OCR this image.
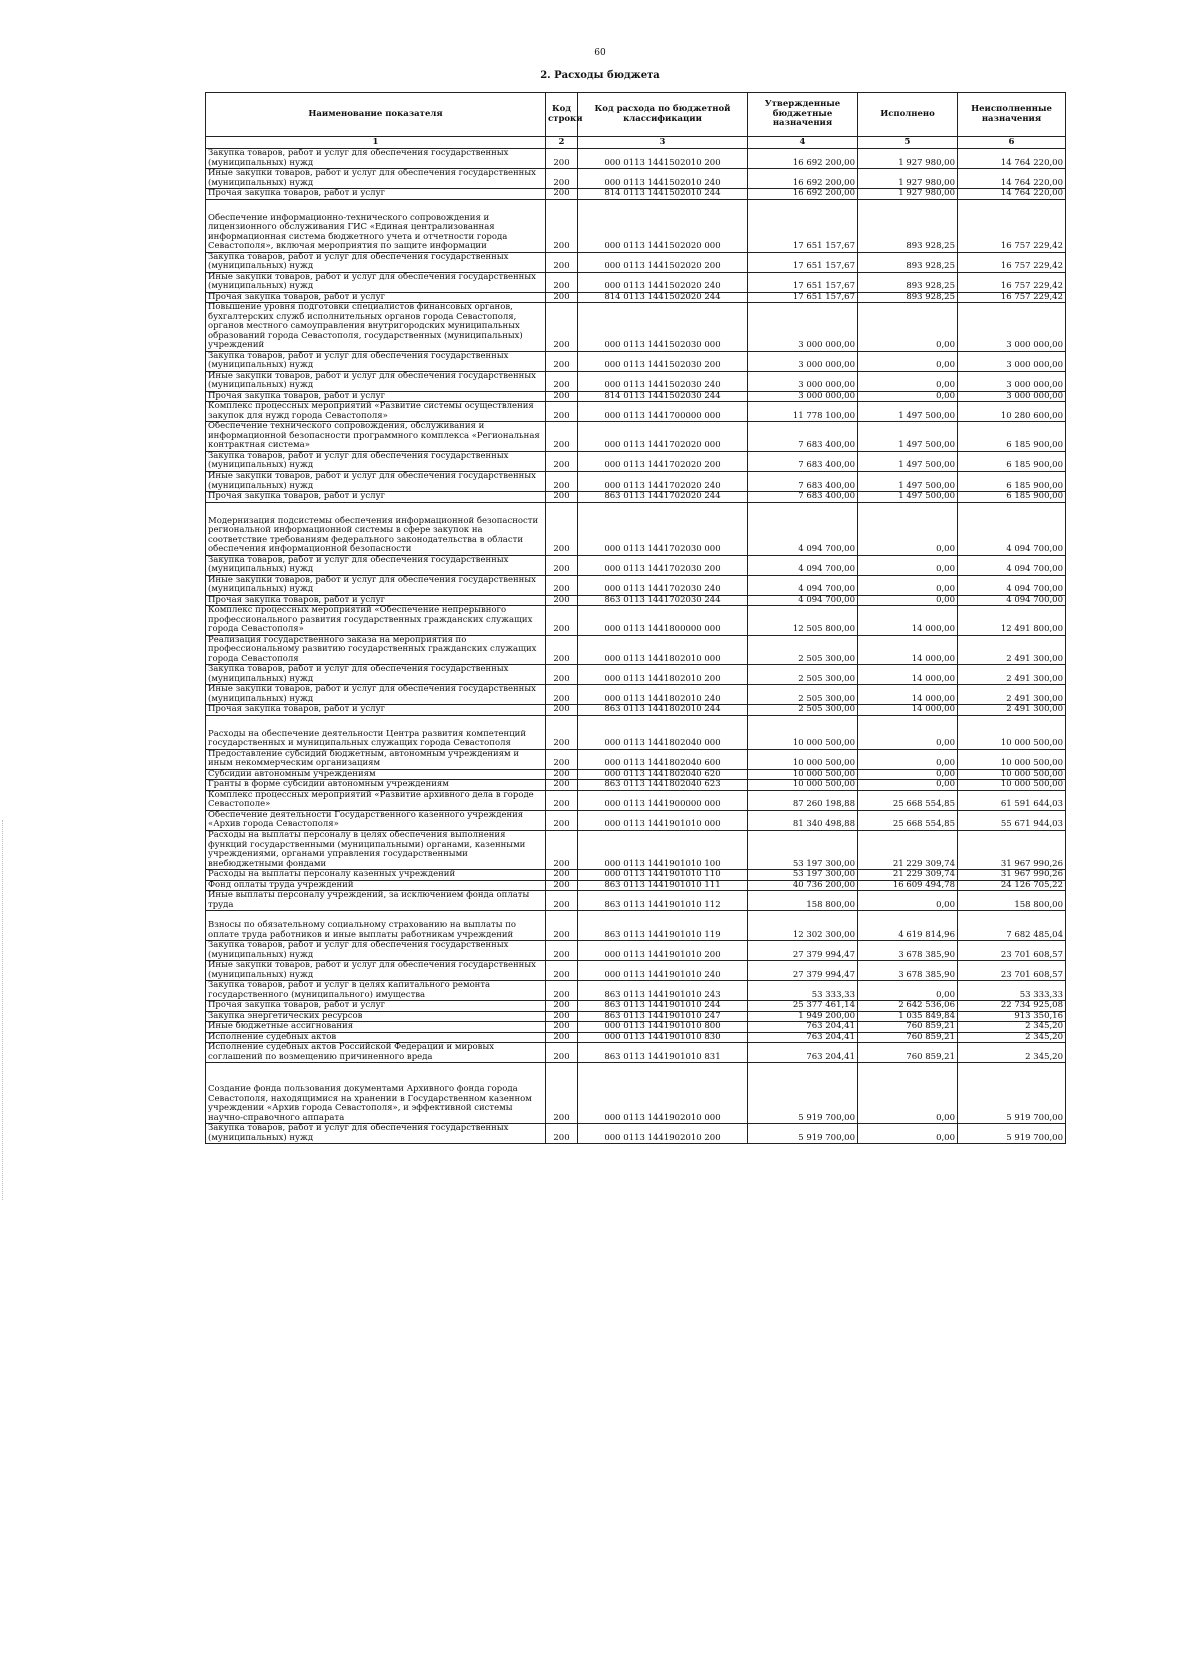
60
2. Расходы бюджета
Наименование показателя	Код строки	Код расхода по бюджетной классификации	Утвержденные бюджетные назначения	Исполнено	Неисполненные назначения
1	2	3	4	5	6
Закупка товаров, работ и услуг для обеспечения государственных (муниципальных) нужд	200	000 0113 1441502010 200	16 692 200,00	1 927 980,00	14 764 220,00
Иные закупки товаров, работ и услуг для обеспечения государственных (муниципальных) нужд	200	000 0113 1441502010 240	16 692 200,00	1 927 980,00	14 764 220,00
Прочая закупка товаров, работ и услуг	200	814 0113 1441502010 244	16 692 200,00	1 927 980,00	14 764 220,00
Обеспечение информационно-технического сопровождения и лицензионного обслуживания ГИС «Единая централизованная информационная система бюджетного учета и отчетности города Севастополя», включая мероприятия по защите информации	200	000 0113 1441502020 000	17 651 157,67	893 928,25	16 757 229,42
Закупка товаров, работ и услуг для обеспечения государственных (муниципальных) нужд	200	000 0113 1441502020 200	17 651 157,67	893 928,25	16 757 229,42
Иные закупки товаров, работ и услуг для обеспечения государственных (муниципальных) нужд	200	000 0113 1441502020 240	17 651 157,67	893 928,25	16 757 229,42
Прочая закупка товаров, работ и услуг	200	814 0113 1441502020 244	17 651 157,67	893 928,25	16 757 229,42
Повышение уровня подготовки специалистов финансовых органов, бухгалтерских служб исполнительных органов города Севастополя, органов местного самоуправления внутригородских муниципальных образований города Севастополя, государственных (муниципальных) учреждений	200	000 0113 1441502030 000	3 000 000,00	0,00	3 000 000,00
Закупка товаров, работ и услуг для обеспечения государственных (муниципальных) нужд	200	000 0113 1441502030 200	3 000 000,00	0,00	3 000 000,00
Иные закупки товаров, работ и услуг для обеспечения государственных (муниципальных) нужд	200	000 0113 1441502030 240	3 000 000,00	0,00	3 000 000,00
Прочая закупка товаров, работ и услуг	200	814 0113 1441502030 244	3 000 000,00	0,00	3 000 000,00
Комплекс процессных мероприятий «Развитие системы осуществления закупок для нужд города Севастополя»	200	000 0113 1441700000 000	11 778 100,00	1 497 500,00	10 280 600,00
Обеспечение технического сопровождения, обслуживания и информационной безопасности программного комплекса «Региональная контрактная система»	200	000 0113 1441702020 000	7 683 400,00	1 497 500,00	6 185 900,00
Закупка товаров, работ и услуг для обеспечения государственных (муниципальных) нужд	200	000 0113 1441702020 200	7 683 400,00	1 497 500,00	6 185 900,00
Иные закупки товаров, работ и услуг для обеспечения государственных (муниципальных) нужд	200	000 0113 1441702020 240	7 683 400,00	1 497 500,00	6 185 900,00
Прочая закупка товаров, работ и услуг	200	863 0113 1441702020 244	7 683 400,00	1 497 500,00	6 185 900,00
Модернизация подсистемы обеспечения информационной безопасности региональной информационной системы в сфере закупок на соответствие требованиям федерального законодательства в области обеспечения информационной безопасности	200	000 0113 1441702030 000	4 094 700,00	0,00	4 094 700,00
Закупка товаров, работ и услуг для обеспечения государственных (муниципальных) нужд	200	000 0113 1441702030 200	4 094 700,00	0,00	4 094 700,00
Иные закупки товаров, работ и услуг для обеспечения государственных (муниципальных) нужд	200	000 0113 1441702030 240	4 094 700,00	0,00	4 094 700,00
Прочая закупка товаров, работ и услуг	200	863 0113 1441702030 244	4 094 700,00	0,00	4 094 700,00
Комплекс процессных мероприятий «Обеспечение непрерывного профессионального развития государственных гражданских служащих города Севастополя»	200	000 0113 1441800000 000	12 505 800,00	14 000,00	12 491 800,00
Реализация государственного заказа на мероприятия по профессиональному развитию государственных гражданских служащих города Севастополя	200	000 0113 1441802010 000	2 505 300,00	14 000,00	2 491 300,00
Закупка товаров, работ и услуг для обеспечения государственных (муниципальных) нужд	200	000 0113 1441802010 200	2 505 300,00	14 000,00	2 491 300,00
Иные закупки товаров, работ и услуг для обеспечения государственных (муниципальных) нужд	200	000 0113 1441802010 240	2 505 300,00	14 000,00	2 491 300,00
Прочая закупка товаров, работ и услуг	200	863 0113 1441802010 244	2 505 300,00	14 000,00	2 491 300,00
Расходы на обеспечение деятельности Центра развития компетенций государственных и муниципальных служащих города Севастополя	200	000 0113 1441802040 000	10 000 500,00	0,00	10 000 500,00
Предоставление субсидий бюджетным, автономным учреждениям и иным некоммерческим организациям	200	000 0113 1441802040 600	10 000 500,00	0,00	10 000 500,00
Субсидии автономным учреждениям	200	000 0113 1441802040 620	10 000 500,00	0,00	10 000 500,00
Гранты в форме субсидии автономным учреждениям	200	863 0113 1441802040 623	10 000 500,00	0,00	10 000 500,00
Комплекс процессных мероприятий «Развитие архивного дела в городе Севастополе»	200	000 0113 1441900000 000	87 260 198,88	25 668 554,85	61 591 644,03
Обеспечение деятельности Государственного казенного учреждения «Архив города Севастополя»	200	000 0113 1441901010 000	81 340 498,88	25 668 554,85	55 671 944,03
Расходы на выплаты персоналу в целях обеспечения выполнения функций государственными (муниципальными) органами, казенными учреждениями, органами управления государственными внебюджетными фондами	200	000 0113 1441901010 100	53 197 300,00	21 229 309,74	31 967 990,26
Расходы на выплаты персоналу казенных учреждений	200	000 0113 1441901010 110	53 197 300,00	21 229 309,74	31 967 990,26
Фонд оплаты труда учреждений	200	863 0113 1441901010 111	40 736 200,00	16 609 494,78	24 126 705,22
Иные выплаты персоналу учреждений, за исключением фонда оплаты труда	200	863 0113 1441901010 112	158 800,00	0,00	158 800,00
Взносы по обязательному социальному страхованию на выплаты по оплате труда работников и иные выплаты работникам учреждений	200	863 0113 1441901010 119	12 302 300,00	4 619 814,96	7 682 485,04
Закупка товаров, работ и услуг для обеспечения государственных (муниципальных) нужд	200	000 0113 1441901010 200	27 379 994,47	3 678 385,90	23 701 608,57
Иные закупки товаров, работ и услуг для обеспечения государственных (муниципальных) нужд	200	000 0113 1441901010 240	27 379 994,47	3 678 385,90	23 701 608,57
Закупка товаров, работ и услуг в целях капитального ремонта государственного (муниципального) имущества	200	863 0113 1441901010 243	53 333,33	0,00	53 333,33
Прочая закупка товаров, работ и услуг	200	863 0113 1441901010 244	25 377 461,14	2 642 536,06	22 734 925,08
Закупка энергетических ресурсов	200	863 0113 1441901010 247	1 949 200,00	1 035 849,84	913 350,16
Иные бюджетные ассигнования	200	000 0113 1441901010 800	763 204,41	760 859,21	2 345,20
Исполнение судебных актов	200	000 0113 1441901010 830	763 204,41	760 859,21	2 345,20
Исполнение судебных актов Российской Федерации и мировых соглашений по возмещению причиненного вреда	200	863 0113 1441901010 831	763 204,41	760 859,21	2 345,20
Создание фонда пользования документами Архивного фонда города Севастополя, находящимися на хранении в Государственном казенном учреждении «Архив города Севастополя», и эффективной системы научно-справочного аппарата	200	000 0113 1441902010 000	5 919 700,00	0,00	5 919 700,00
Закупка товаров, работ и услуг для обеспечения государственных (муниципальных) нужд	200	000 0113 1441902010 200	5 919 700,00	0,00	5 919 700,00
